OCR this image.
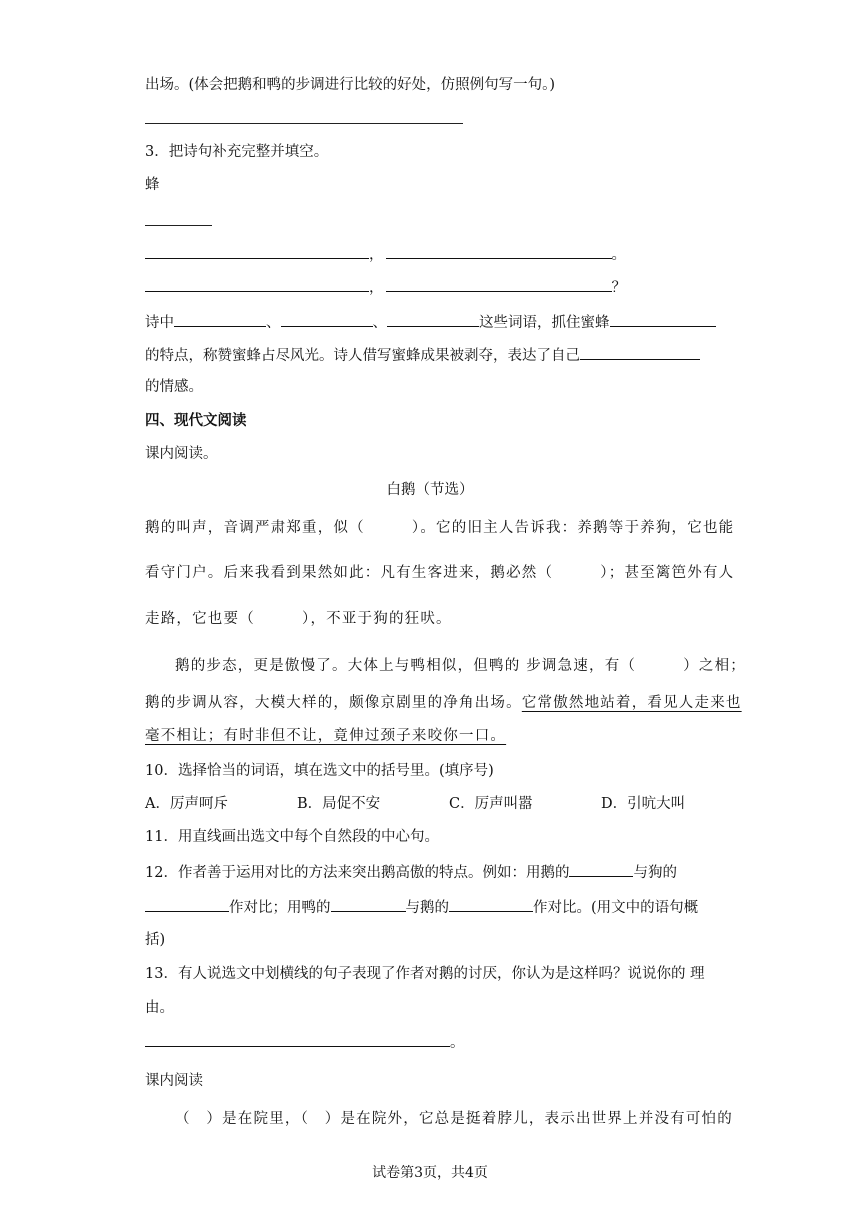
出场。(体会把鹅和鸭的步调进行比较的好处，仿照例句写一句。)
3．把诗句补充完整并填空。
蜂
，	。
，	？
诗中	、	、	这些词语，抓住蜜蜂
的特点，称赞蜜蜂占尽风光。诗人借写蜜蜂成果被剥夺，表达了自己
的情感。
四、现代文阅读
课内阅读。
白鹅（节选）
鹅的叫声，音调严肃郑重，似（　　　）。它的旧主人告诉我：养鹅等于养狗，它也能
看守门户。后来我看到果然如此：凡有生客进来，鹅必然（　　　）；甚至篱笆外有人
走路，它也要（　　　），不亚于狗的狂吠。
鹅的步态，更是傲慢了。大体上与鸭相似，但鸭的 步调急速，有（　　　）之相；
鹅的步调从容，大模大样的，颇像京剧里的净角出场。它常傲然地站着，看见人走来也
毫不相让；有时非但不让，竟伸过颈子来咬你一口。
10．选择恰当的词语，填在选文中的括号里。(填序号)
A．厉声呵斥	B．局促不安	C．厉声叫嚣	D．引吭大叫
11．用直线画出选文中每个自然段的中心句。
12．作者善于运用对比的方法来突出鹅高傲的特点。例如：用鹅的	与狗的
作对比；用鸭的	与鹅的	作对比。(用文中的语句概
括)
13．有人说选文中划横线的句子表现了作者对鹅的讨厌，你认为是这样吗？说说你的 理
由。
。
课内阅读
（　）是在院里，（　）是在院外，它总是挺着脖儿，表示出世界上并没有可怕的
试卷第3页，共4页
